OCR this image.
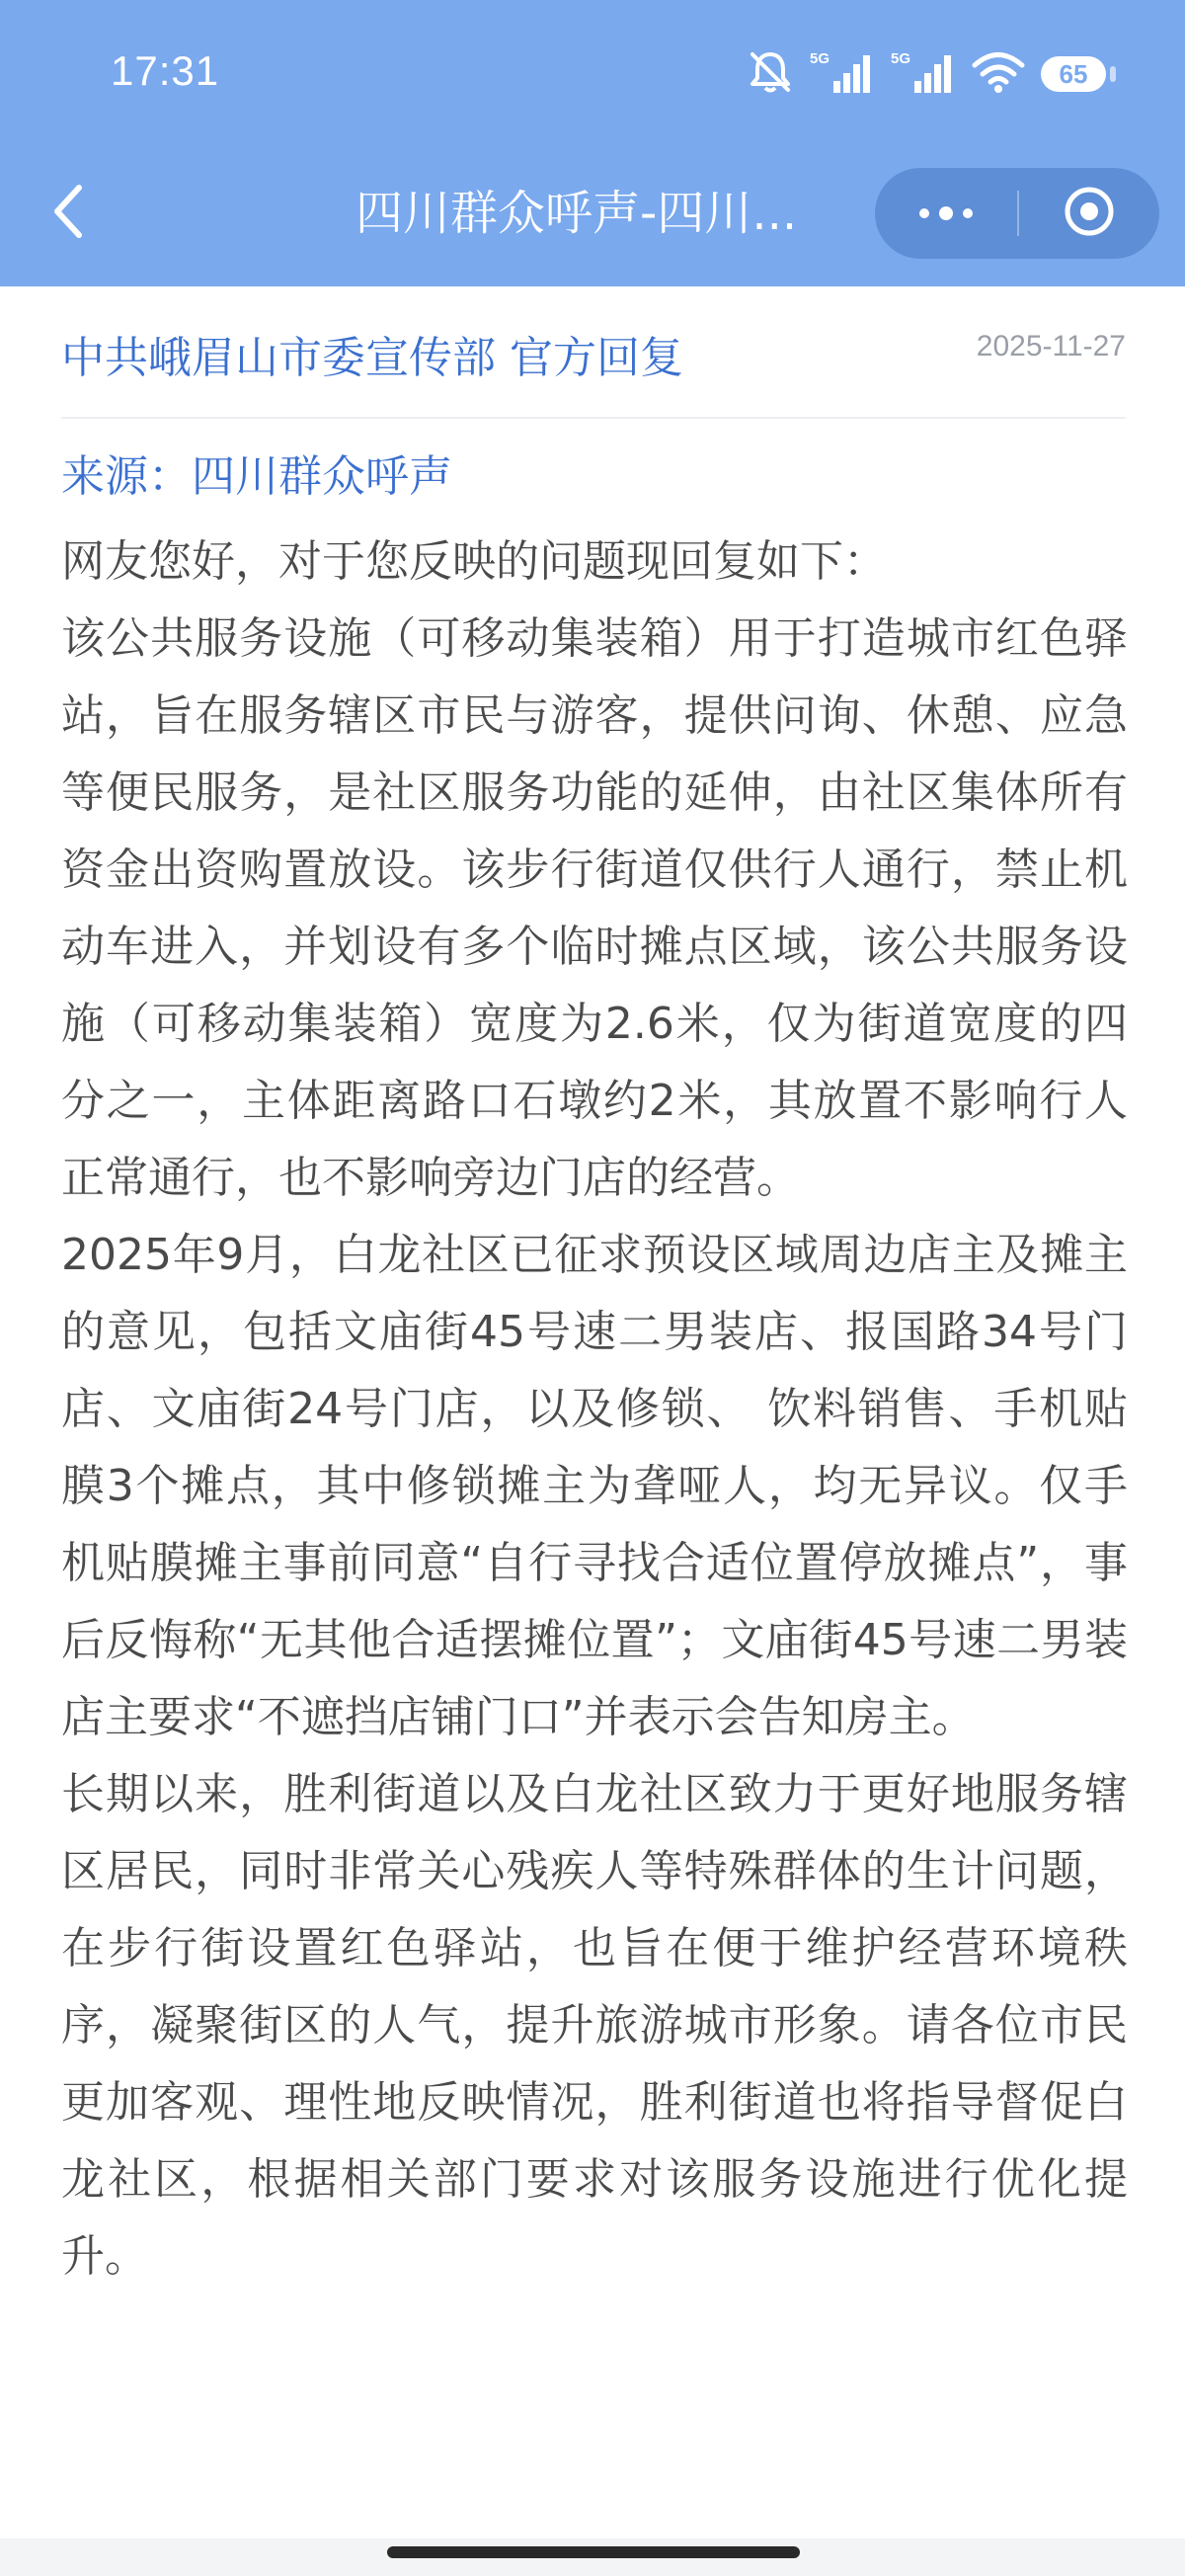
17:31	5G	5G	65
四川群众呼声-四川...
中共峨眉山市委宣传部 官方回复	2025-11-27
来源：四川群众呼声

网友您好，对于您反映的问题现回复如下：

该公共服务设施（可移动集装箱）用于打造城市红色驿站，旨在服务辖区市民与游客，提供问询、休憩、应急等便民服务，是社区服务功能的延伸，由社区集体所有资金出资购置放设。该步行街道仅供行人通行，禁止机动车进入，并划设有多个临时摊点区域，该公共服务设施（可移动集装箱）宽度为2.6米，仅为街道宽度的四分之一，主体距离路口石墩约2米，其放置不影响行人正常通行，也不影响旁边门店的经营。

2025年9月，白龙社区已征求预设区域周边店主及摊主的意见，包括文庙街45号速二男装店、报国路34号门店、文庙街24号门店，以及修锁、 饮料销售、手机贴膜3个摊点，其中修锁摊主为聋哑人，均无异议。仅手机贴膜摊主事前同意“自行寻找合适位置停放摊点”，事后反悔称“无其他合适摆摊位置”；文庙街45号速二男装店主要求“不遮挡店铺门口”并表示会告知房主。

长期以来，胜利街道以及白龙社区致力于更好地服务辖区居民，同时非常关心残疾人等特殊群体的生计问题，在步行街设置红色驿站，也旨在便于维护经营环境秩序，凝聚街区的人气，提升旅游城市形象。请各位市民更加客观、理性地反映情况，胜利街道也将指导督促白龙社区，根据相关部门要求对该服务设施进行优化提升。
